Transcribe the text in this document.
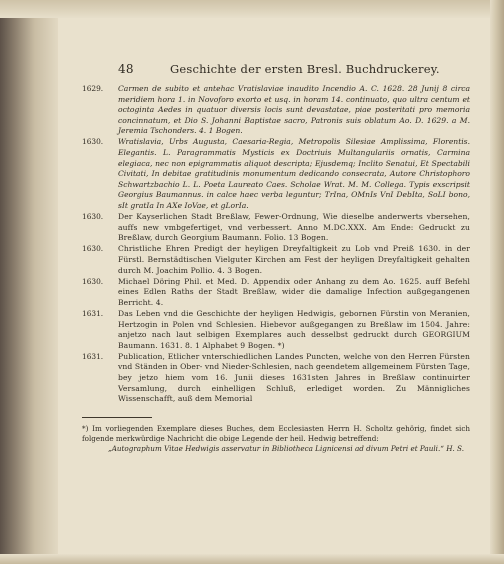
48	Geschichte der ersten Bresl. Buchdruckerey.
1629. Carmen de subito et antehac Vratislaviae inaudito Incendio A. C. 1628. 28 Junij 8 circa meridiem hora 1. in Novoforo exorto et usq. in horam 14. continuato, quo ultra centum et octoginta Aedes in quatuor diversis locis sunt devastatae, piae posteritati pro memoria concinnatum, et Dio S. Johanni Baptistae sacro, Patronis suis oblatum Ao. D. 1629. a M. Jeremia Tschonders. 4. 1 Bogen.
1630. Wratislavia, Urbs Augusta, Caesaria-Regia, Metropolis Silesiae Amplissima, Florentis. Elegantis. L. Paragrammatis Mysticis ex Doctriuis Multangulariis ornatis, Carmina elegiaca, nec non epigrammatis aliquot descripta; Ejusdemq; Inclito Senatui, Et Spectabili Civitati, In debitae gratitudinis monumentum dedicando consecrata, Autore Christophoro Schwartzbachio L. L. Poeta Laureato Caes. Scholae Wrat. M. M. Collega. Typis exscripsit Georgius Baumannus. in calce haec verba leguntur; TrIna, OMnIs VnI DebIta, SoLI bono, sIt gratIa In AXe IoVae, et gLorIa.
1630. Der Kayserlichen Stadt Breßlaw, Fewer-Ordnung, Wie dieselbe anderwerts vbersehen, auffs new vmbgefertiget, vnd verbessert. Anno M.DC.XXX. Am Ende: Gedruckt zu Breßlaw, durch Georgium Baumann. Folio. 13 Bogen.
1630. Christliche Ehren Predigt der heyligen Dreyfaltigkeit zu Lob vnd Preiß 1630. in der Fürstl. Bernstädtischen Vielguter Kirchen am Fest der heyligen Dreyfaltigkeit gehalten durch M. Joachim Pollio. 4. 3 Bogen.
1630. Michael Döring Phil. et Med. D. Appendix oder Anhang zu dem Ao. 1625. auff Befehl eines Edlen Raths der Stadt Breßlaw, wider die damalige Infection außgegangenen Berricht. 4.
1631. Das Leben vnd die Geschichte der heyligen Hedwigis, gebornen Fürstin von Meranien, Hertzogin in Polen vnd Schlesien. Hiebevor außgegangen zu Breßlaw im 1504. Jahre: anjetzo nach laut selbigen Exemplares auch desselbst gedruckt durch GEORGIUM Baumann. 1631. 8. 1 Alphabet 9 Bogen. *)
1631. Publication, Etlicher vnterschiedlichen Landes Puncten, welche von den Herren Fürsten vnd Ständen in Ober- vnd Nieder-Schlesien, nach geendetem allgemeinem Fürsten Tage, bey jetzo hiem vom 16. Junii dieses 1631sten Jahres in Breßlaw continuirter Versamlung, durch einhelligen Schluß, erlediget worden. Zu Männigliches Wissenschafft, auß dem Memorial
*) Im vorliegenden Exemplare dieses Buches, dem Ecclesiasten Herrn H. Scholtz gehörig, findet sich folgende merkwürdige Nachricht die obige Legende der heil. Hedwig betreffend:
„Autographum Vitae Hedwigis asservatur in Bibliotheca Lignicensi ad divum Petri et Pauli.“ H. S.
